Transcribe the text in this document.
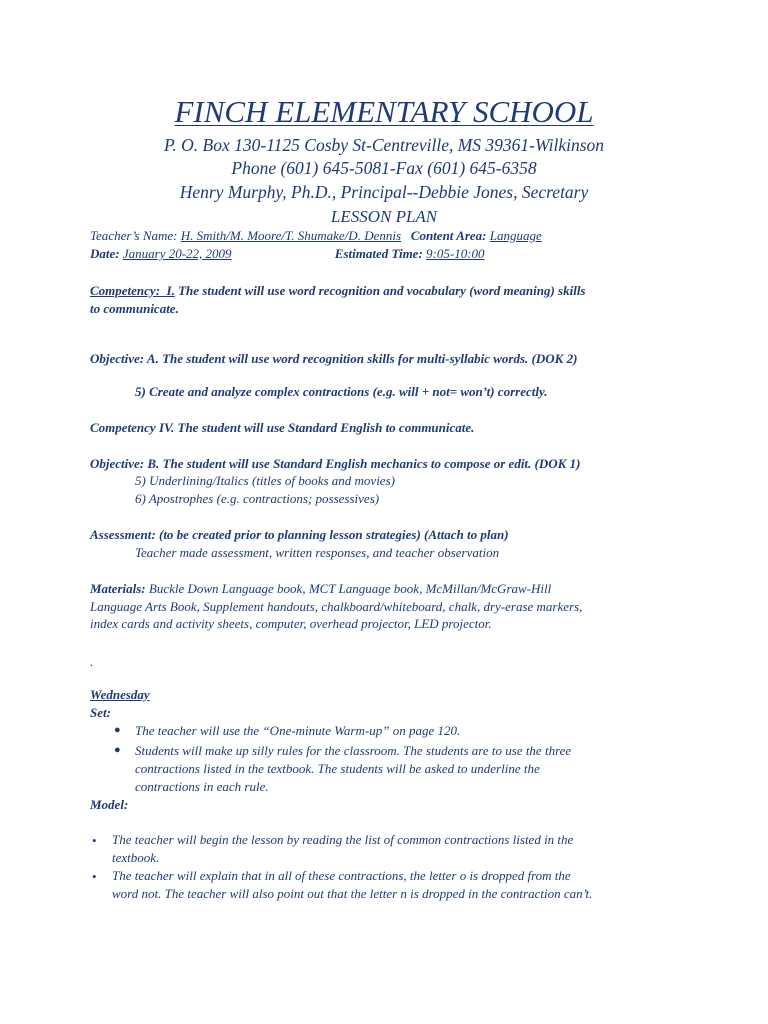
FINCH ELEMENTARY SCHOOL
P. O. Box 130-1125 Cosby St-Centreville, MS 39361-Wilkinson
Phone (601) 645-5081-Fax (601) 645-6358
Henry Murphy, Ph.D., Principal--Debbie Jones, Secretary
LESSON PLAN
Teacher’s Name: H. Smith/M. Moore/T. Shumake/D. Dennis Content Area: Language
Date: January 20-22, 2009	Estimated Time: 9:05-10:00
Competency: I. The student will use word recognition and vocabulary (word meaning) skills
to communicate.
Objective: A. The student will use word recognition skills for multi-syllabic words. (DOK 2)
5) Create and analyze complex contractions (e.g. will + not= won’t) correctly.
Competency IV. The student will use Standard English to communicate.
Objective: B. The student will use Standard English mechanics to compose or edit. (DOK 1)
5) Underlining/Italics (titles of books and movies)
6) Apostrophes (e.g. contractions; possessives)
Assessment: (to be created prior to planning lesson strategies) (Attach to plan)
Teacher made assessment, written responses, and teacher observation
Materials: Buckle Down Language book, MCT Language book, McMillan/McGraw-Hill
Language Arts Book, Supplement handouts, chalkboard/whiteboard, chalk, dry-erase markers,
index cards and activity sheets, computer, overhead projector, LED projector.
.
Wednesday
Set:
● The teacher will use the “One-minute Warm-up” on page 120.
● Students will make up silly rules for the classroom. The students are to use the three
contractions listed in the textbook. The students will be asked to underline the
contractions in each rule.
Model:
• The teacher will begin the lesson by reading the list of common contractions listed in the
textbook.
• The teacher will explain that in all of these contractions, the letter o is dropped from the
word not. The teacher will also point out that the letter n is dropped in the contraction can’t.
